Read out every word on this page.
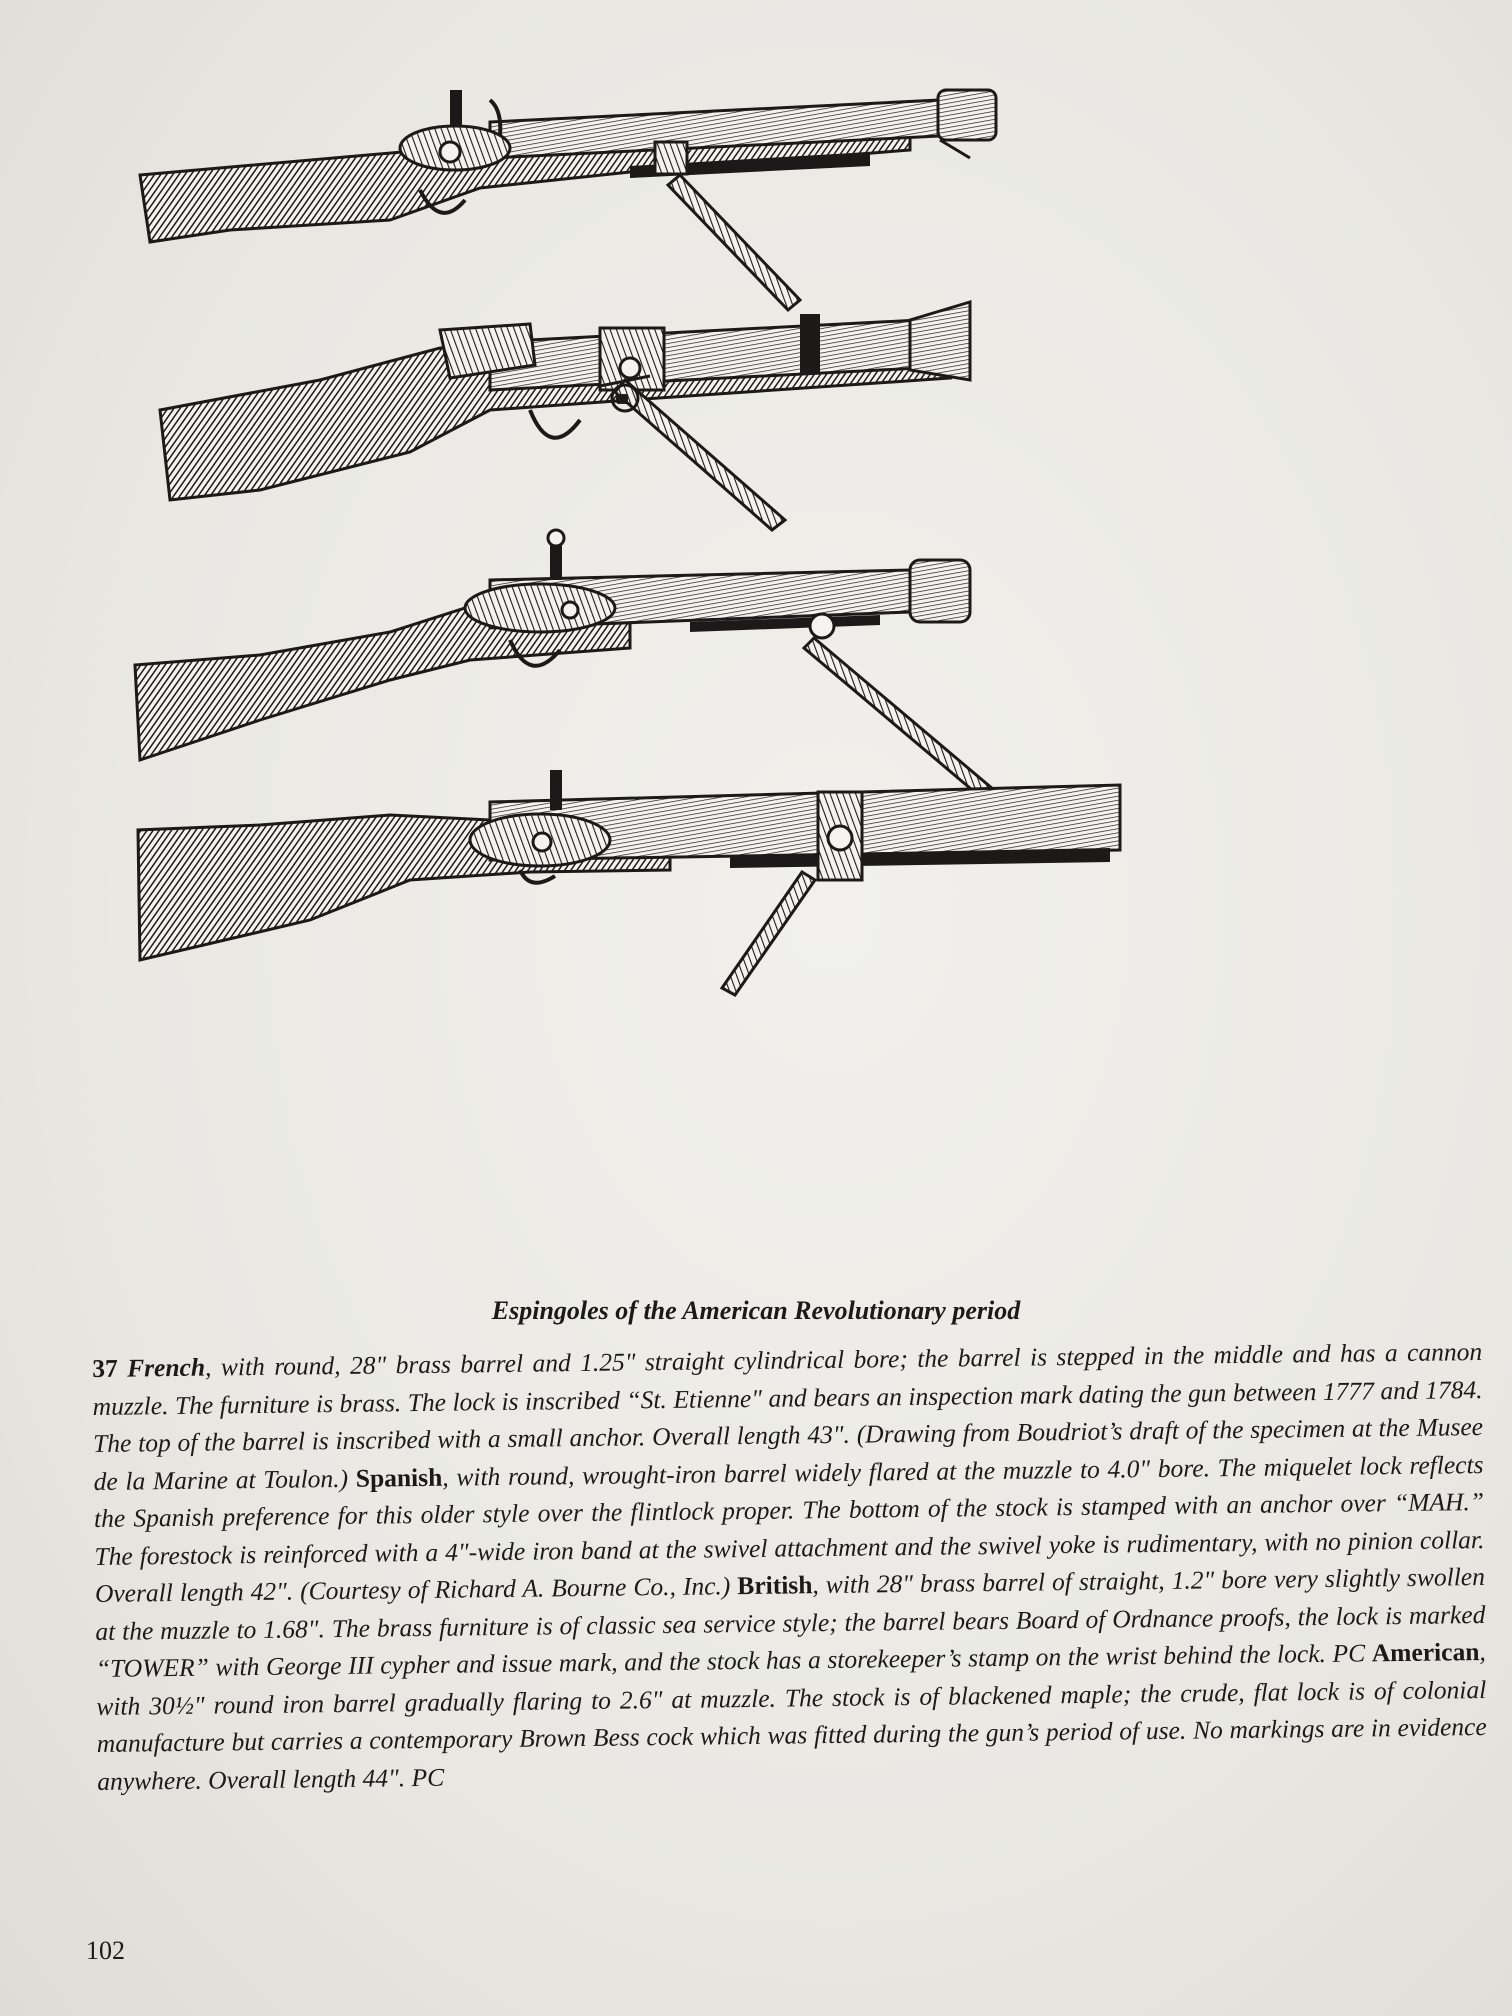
Espingoles of the American Revolutionary period
37 French, with round, 28" brass barrel and 1.25" straight cylindrical bore; the barrel is stepped in the middle and has a cannon muzzle. The furniture is brass. The lock is inscribed “St. Etienne" and bears an inspection mark dating the gun between 1777 and 1784. The top of the barrel is inscribed with a small anchor. Overall length 43". (Drawing from Boudriot’s draft of the specimen at the Musee de la Marine at Toulon.) Spanish, with round, wrought-iron barrel widely flared at the muzzle to 4.0" bore. The miquelet lock reflects the Spanish preference for this older style over the flintlock proper. The bottom of the stock is stamped with an anchor over “MAH.” The forestock is reinforced with a 4"-wide iron band at the swivel attachment and the swivel yoke is rudimentary, with no pinion collar. Overall length 42". (Courtesy of Richard A. Bourne Co., Inc.) British, with 28" brass barrel of straight, 1.2" bore very slightly swollen at the muzzle to 1.68". The brass furniture is of classic sea service style; the barrel bears Board of Ordnance proofs, the lock is marked “TOWER” with George III cypher and issue mark, and the stock has a storekeeper’s stamp on the wrist behind the lock. PC American, with 30½" round iron barrel gradually flaring to 2.6" at muzzle. The stock is of blackened maple; the crude, flat lock is of colonial manufacture but carries a contemporary Brown Bess cock which was fitted during the gun’s period of use. No markings are in evidence anywhere. Overall length 44". PC
102
